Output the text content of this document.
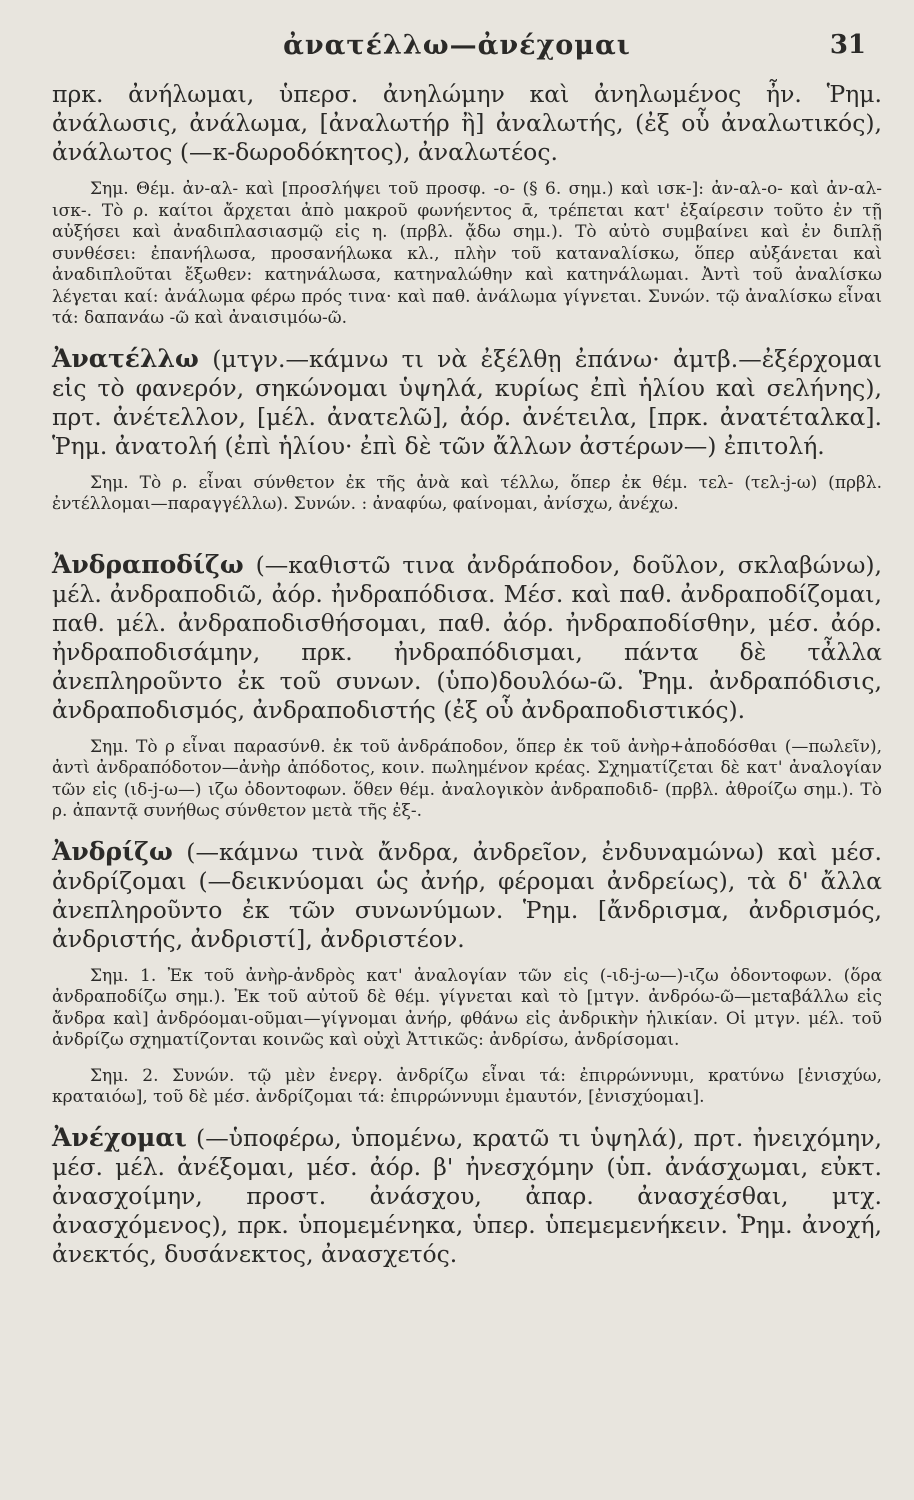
ἀνατέλλω—ἀνέχομαι	31

πρκ. ἀνήλωμαι, ὑπερσ. ἀνηλώμην καὶ ἀνηλωμένος ἦν. Ῥημ. ἀνάλωσις, ἀνάλωμα, [ἀναλωτήρ ἢ] ἀναλωτής, (ἐξ οὗ ἀναλωτικός), ἀνάλωτος (—κ-δωροδόκητος), ἀναλωτέος.

Σημ. Θέμ. ἀν-αλ- καὶ [προσλήψει τοῦ προσφ. -ο- (§ 6. σημ.) καὶ ισκ-]: ἀν-αλ-ο- καὶ ἀν-αλ-ισκ-. Τὸ ρ. καίτοι ἄρχεται ἀπὸ μακροῦ φωνήεντος ᾱ, τρέπεται κατ' ἐξαίρεσιν τοῦτο ἐν τῇ αὐξήσει καὶ ἀναδιπλασιασμῷ εἰς η. (πρβλ. ᾄδω σημ.). Τὸ αὐτὸ συμβαίνει καὶ ἐν διπλῇ συνθέσει: ἐπανήλωσα, προσανήλωκα κλ., πλὴν τοῦ καταναλίσκω, ὅπερ αὐξάνεται καὶ ἀναδιπλοῦται ἔξωθεν: κατηνάλωσα, κατηναλώθην καὶ κατηνάλωμαι. Ἀντὶ τοῦ ἀναλίσκω λέγεται καί: ἀνάλωμα φέρω πρός τινα· καὶ παθ. ἀνάλωμα γίγνεται. Συνών. τῷ ἀναλίσκω εἶναι τά: δαπανάω -ῶ καὶ ἀναισιμόω-ῶ.

Ἀνατέλλω (μτγν.—κάμνω τι νὰ ἐξέλθῃ ἐπάνω· ἀμτβ.—ἐξέρχομαι εἰς τὸ φανερόν, σηκώνομαι ὑψηλά, κυρίως ἐπὶ ἡλίου καὶ σελήνης), πρτ. ἀνέτελλον, [μέλ. ἀνατελῶ], ἀόρ. ἀνέτειλα, [πρκ. ἀνατέταλκα]. Ῥημ. ἀνατολή (ἐπὶ ἡλίου· ἐπὶ δὲ τῶν ἄλλων ἀστέρων—) ἐπιτολή.

Σημ. Τὸ ρ. εἶναι σύνθετον ἐκ τῆς ἀνὰ καὶ τέλλω, ὅπερ ἐκ θέμ. τελ- (τελ-j-ω) (πρβλ. ἐντέλλομαι—παραγγέλλω). Συνών. : ἀναφύω, φαίνομαι, ἀνίσχω, ἀνέχω.

Ἀνδραποδίζω (—καθιστῶ τινα ἀνδράποδον, δοῦλον, σκλαβώνω), μέλ. ἀνδραποδιῶ, ἀόρ. ἠνδραπόδισα. Μέσ. καὶ παθ. ἀνδραποδίζομαι, παθ. μέλ. ἀνδραποδισθήσομαι, παθ. ἀόρ. ἠνδραποδίσθην, μέσ. ἀόρ. ἠνδραποδισάμην, πρκ. ἠνδραπόδισμαι, πάντα δὲ τἆλλα ἀνεπληροῦντο ἐκ τοῦ συνων. (ὑπο)δουλόω-ῶ. Ῥημ. ἀνδραπόδισις, ἀνδραποδισμός, ἀνδραποδιστής (ἐξ οὗ ἀνδραποδιστικός).

Σημ. Τὸ ρ εἶναι παρασύνθ. ἐκ τοῦ ἀνδράποδον, ὅπερ ἐκ τοῦ ἀνὴρ+ἀποδόσθαι (—πωλεῖν), ἀντὶ ἀνδραπόδοτον—ἀνὴρ ἀπόδοτος, κοιν. πωλημένον κρέας. Σχηματίζεται δὲ κατ' ἀναλογίαν τῶν εἰς (ιδ-j-ω—) ιζω ὀδοντοφων. ὅθεν θέμ. ἀναλογικὸν ἀνδραποδιδ- (πρβλ. ἀθροίζω σημ.). Τὸ ρ. ἀπαντᾷ συνήθως σύνθετον μετὰ τῆς ἐξ-.

Ἀνδρίζω (—κάμνω τινὰ ἄνδρα, ἀνδρεῖον, ἐνδυναμώνω) καὶ μέσ. ἀνδρίζομαι (—δεικνύομαι ὡς ἀνήρ, φέρομαι ἀνδρείως), τὰ δ' ἄλλα ἀνεπληροῦντο ἐκ τῶν συνωνύμων. Ῥημ. [ἄνδρισμα, ἀνδρισμός, ἀνδριστής, ἀνδριστί], ἀνδριστέον.

Σημ. 1. Ἐκ τοῦ ἀνὴρ-ἀνδρὸς κατ' ἀναλογίαν τῶν εἰς (-ιδ-j-ω—)-ιζω ὀδοντοφων. (ὅρα ἀνδραποδίζω σημ.). Ἐκ τοῦ αὐτοῦ δὲ θέμ. γίγνεται καὶ τὸ [μτγν. ἀνδρόω-ῶ—μεταβάλλω εἰς ἄνδρα καὶ] ἀνδρόομαι-οῦμαι—γίγνομαι ἀνήρ, φθάνω εἰς ἀνδρικὴν ἡλικίαν. Οἱ μτγν. μέλ. τοῦ ἀνδρίζω σχηματίζονται κοινῶς καὶ οὐχὶ Ἀττικῶς: ἀνδρίσω, ἀνδρίσομαι.

Σημ. 2. Συνών. τῷ μὲν ἐνεργ. ἀνδρίζω εἶναι τά: ἐπιρρώννυμι, κρατύνω [ἐνισχύω, κραταιόω], τοῦ δὲ μέσ. ἀνδρίζομαι τά: ἐπιρρώννυμι ἐμαυτόν, [ἐνισχύομαι].

Ἀνέχομαι (—ὑποφέρω, ὑπομένω, κρατῶ τι ὑψηλά), πρτ. ἠνειχόμην, μέσ. μέλ. ἀνέξομαι, μέσ. ἀόρ. β' ἠνεσχόμην (ὑπ. ἀνάσχωμαι, εὐκτ. ἀνασχοίμην, προστ. ἀνάσχου, ἀπαρ. ἀνασχέσθαι, μτχ. ἀνασχόμενος), πρκ. ὑπομεμένηκα, ὑπερ. ὑπεμεμενήκειν. Ῥημ. ἀνοχή, ἀνεκτός, δυσάνεκτος, ἀνασχετός.
